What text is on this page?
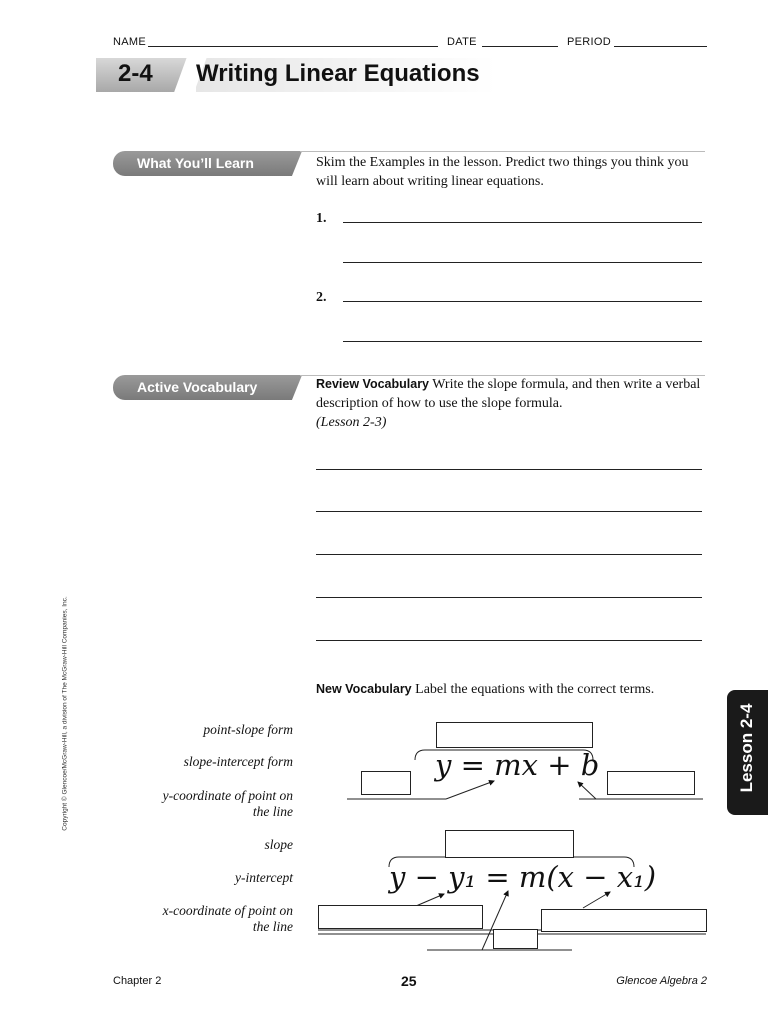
NAME	DATE	PERIOD
2-4 Writing Linear Equations
What You’ll Learn	Skim the Examples in the lesson. Predict two things you think you will learn about writing linear equations.
1.
2.
Active Vocabulary	Review Vocabulary Write the slope formula, and then write a verbal description of how to use the slope formula.
(Lesson 2-3)
New Vocabulary Label the equations with the correct terms.
point-slope form
slope-intercept form
y-coordinate of point on the line
slope
y-intercept
x-coordinate of point on the line
y = mx + b
y − y₁ = m(x − x₁)
Lesson 2-4
Copyright © Glencoe/McGraw-Hill, a division of The McGraw-Hill Companies, Inc.
Chapter 2	25	Glencoe Algebra 2
